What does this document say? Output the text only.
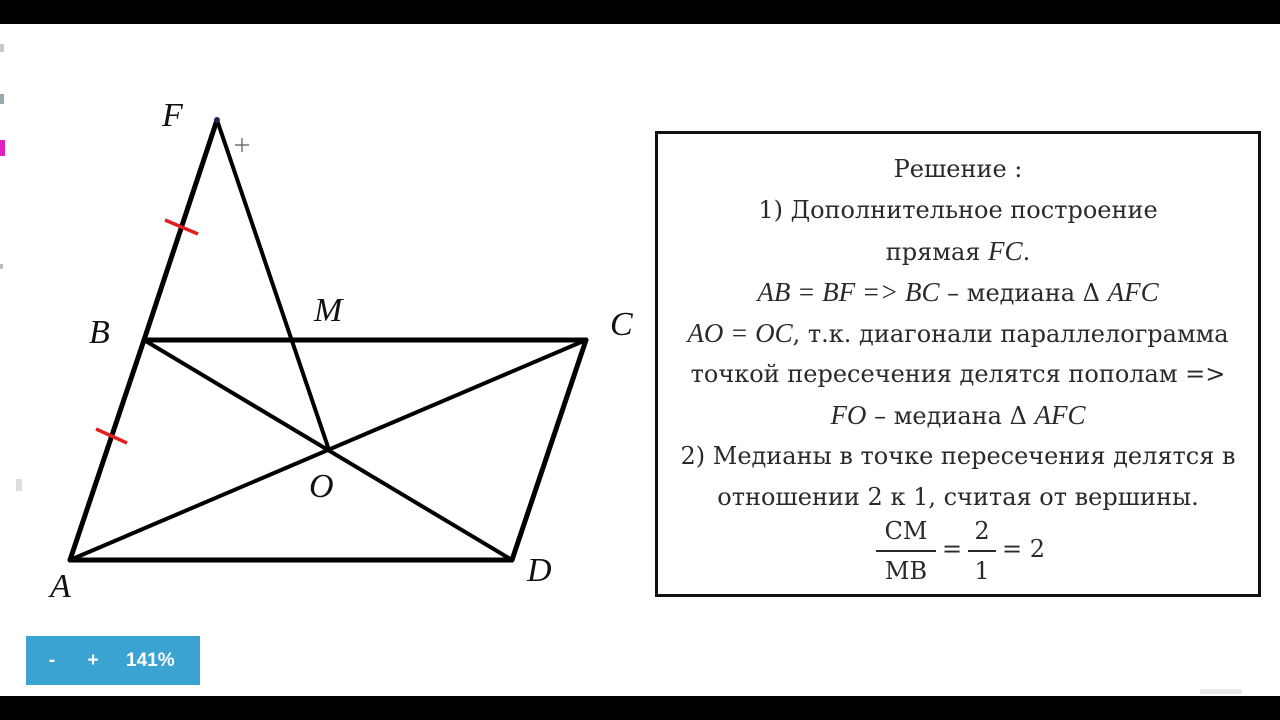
F
B
M	C
O
A	D
Решение :
1) Дополнительное построение
прямая FC.
AB = BF => BC – медиана Δ AFC
AO = OC, т.к. диагонали параллелограмма
точкой пересечения делятся пополам =>
FO – медиана Δ AFC
2) Медианы в точке пересечения делятся в
отношении 2 к 1, считая от вершины.
CM
MB
=
2
1
= 2
- + 141%
